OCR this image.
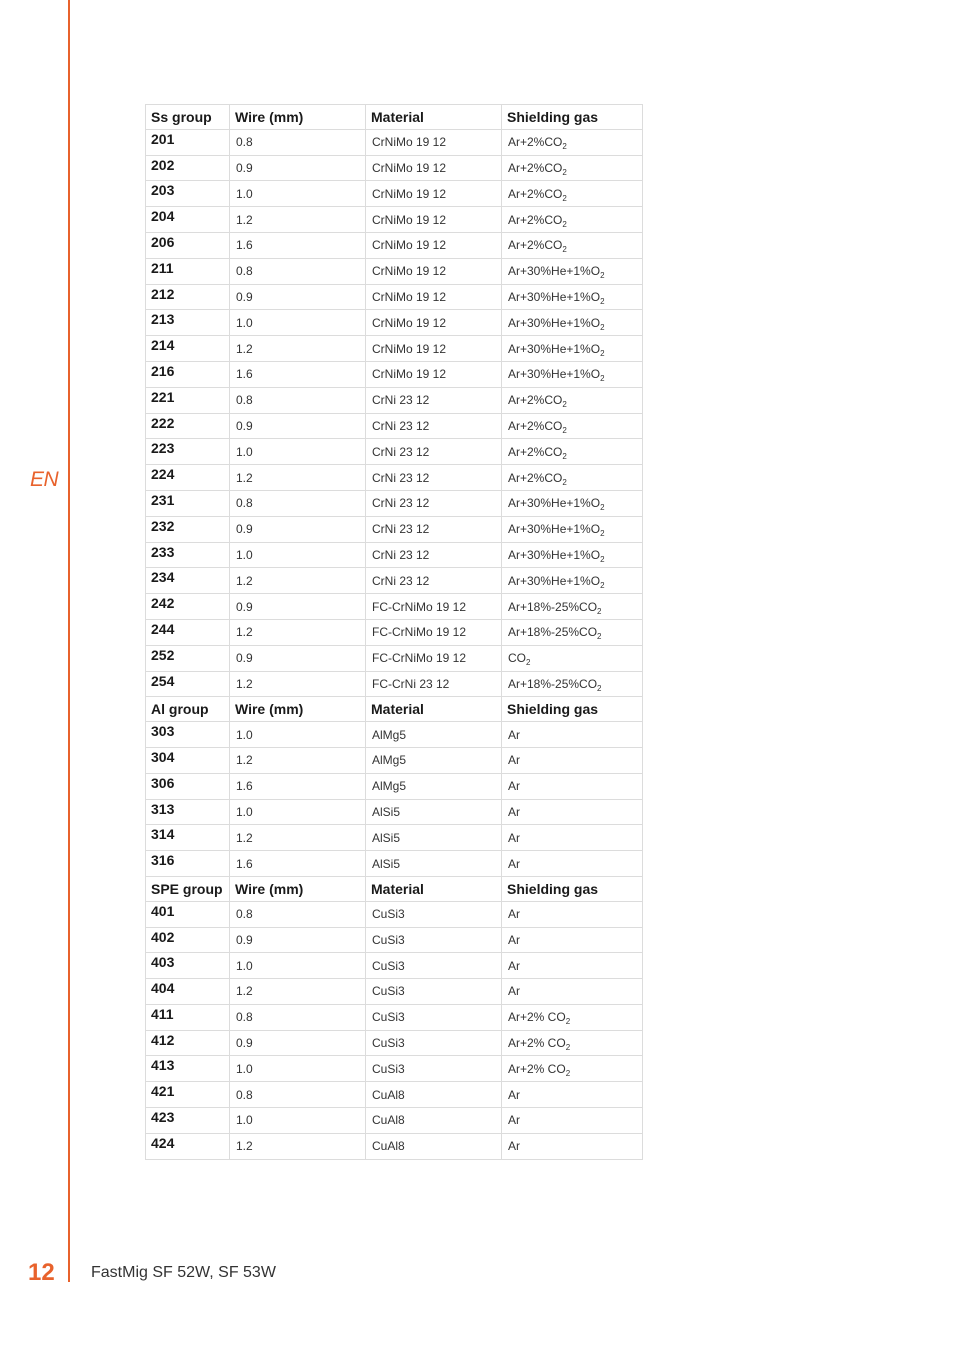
EN
Ss group	Wire (mm)	Material	Shielding gas
201	0.8	CrNiMo 19 12	$Ar+2\%CO_2$
202	0.9	CrNiMo 19 12	$Ar+2\%CO_2$
203	1.0	CrNiMo 19 12	$Ar+2\%CO_2$
204	1.2	CrNiMo 19 12	$Ar+2\%CO_2$
206	1.6	CrNiMo 19 12	$Ar+2\%CO_2$
211	0.8	CrNiMo 19 12	$Ar+30\%He+1\%O_2$
212	0.9	CrNiMo 19 12	$Ar+30\%He+1\%O_2$
213	1.0	CrNiMo 19 12	$Ar+30\%He+1\%O_2$
214	1.2	CrNiMo 19 12	$Ar+30\%He+1\%O_2$
216	1.6	CrNiMo 19 12	$Ar+30\%He+1\%O_2$
221	0.8	CrNi 23 12	$Ar+2\%CO_2$
222	0.9	CrNi 23 12	$Ar+2\%CO_2$
223	1.0	CrNi 23 12	$Ar+2\%CO_2$
224	1.2	CrNi 23 12	$Ar+2\%CO_2$
231	0.8	CrNi 23 12	$Ar+30\%He+1\%O_2$
232	0.9	CrNi 23 12	$Ar+30\%He+1\%O_2$
233	1.0	CrNi 23 12	$Ar+30\%He+1\%O_2$
234	1.2	CrNi 23 12	$Ar+30\%He+1\%O_2$
242	0.9	FC-CrNiMo 19 12	$Ar+18\%-25\%CO_2$
244	1.2	FC-CrNiMo 19 12	$Ar+18\%-25\%CO_2$
252	0.9	FC-CrNiMo 19 12	$CO_2$
254	1.2	FC-CrNi 23 12	$Ar+18\%-25\%CO_2$
Al group	Wire (mm)	Material	Shielding gas
303	1.0	AlMg5	Ar
304	1.2	AlMg5	Ar
306	1.6	AlMg5	Ar
313	1.0	AlSi5	Ar
314	1.2	AlSi5	Ar
316	1.6	AlSi5	Ar
SPE group	Wire (mm)	Material	Shielding gas
401	0.8	CuSi3	Ar
402	0.9	CuSi3	Ar
403	1.0	CuSi3	Ar
404	1.2	CuSi3	Ar
411	0.8	CuSi3	Ar+2% $CO_2$
412	0.9	CuSi3	Ar+2% $CO_2$
413	1.0	CuSi3	Ar+2% $CO_2$
421	0.8	CuAl8	Ar
423	1.0	CuAl8	Ar
424	1.2	CuAl8	Ar
12 FastMig SF 52W, SF 53W
